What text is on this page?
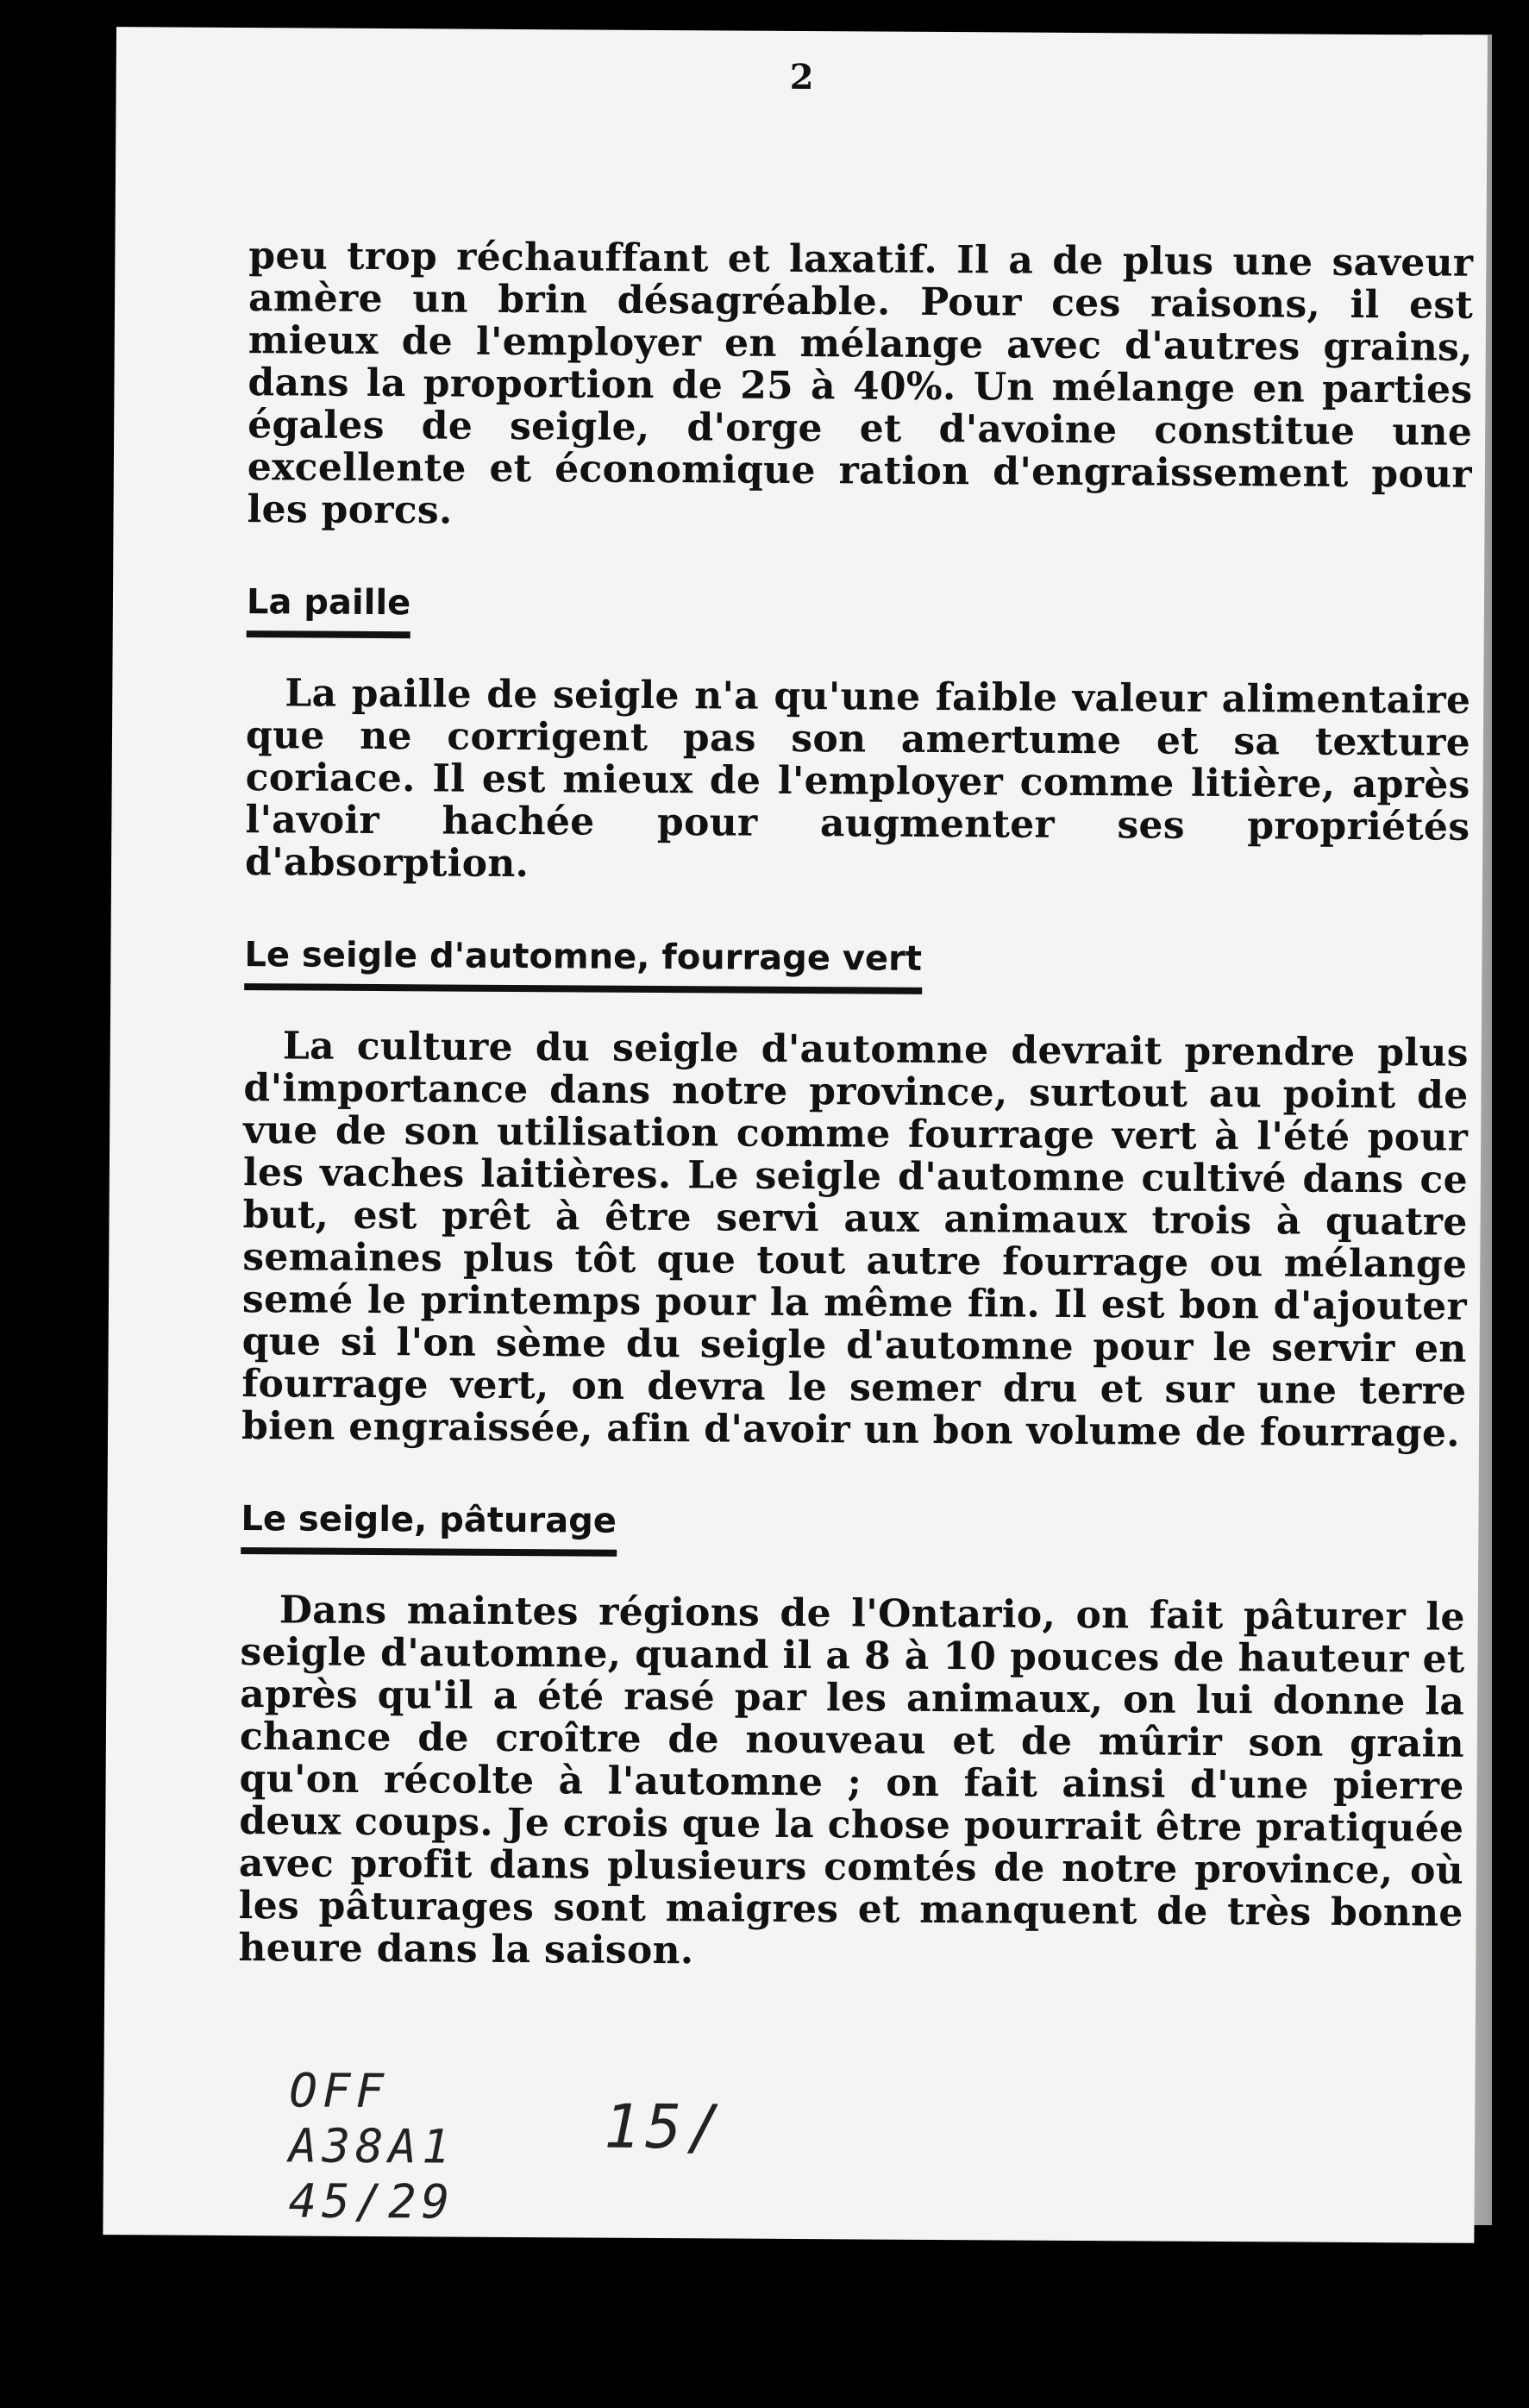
2

peu trop réchauffant et laxatif. Il a de plus une saveur amère un brin désagréable. Pour ces raisons, il est mieux de l'employer en mélange avec d'autres grains, dans la proportion de 25 à 40%. Un mélange en parties égales de seigle, d'orge et d'avoine constitue une excellente et économique ration d'engraissement pour les porcs.

La paille

La paille de seigle n'a qu'une faible valeur alimentaire que ne corrigent pas son amertume et sa texture coriace. Il est mieux de l'employer comme litière, après l'avoir hachée pour augmenter ses propriétés d'absorption.

Le seigle d'automne, fourrage vert

La culture du seigle d'automne devrait prendre plus d'importance dans notre province, surtout au point de vue de son utilisation comme fourrage vert à l'été pour les vaches laitières. Le seigle d'automne cultivé dans ce but, est prêt à être servi aux animaux trois à quatre semaines plus tôt que tout autre fourrage ou mélange semé le printemps pour la même fin. Il est bon d'ajouter que si l'on sème du seigle d'automne pour le servir en fourrage vert, on devra le semer dru et sur une terre bien engraissée, afin d'avoir un bon volume de fourrage.

Le seigle, pâturage

Dans maintes régions de l'Ontario, on fait pâturer le seigle d'automne, quand il a 8 à 10 pouces de hauteur et après qu'il a été rasé par les animaux, on lui donne la chance de croître de nouveau et de mûrir son grain qu'on récolte à l'automne ; on fait ainsi d'une pierre deux coups. Je crois que la chose pourrait être pratiquée avec profit dans plusieurs comtés de notre province, où les pâturages sont maigres et manquent de très bonne heure dans la saison.

OFF
A38A1
45/29
15/
